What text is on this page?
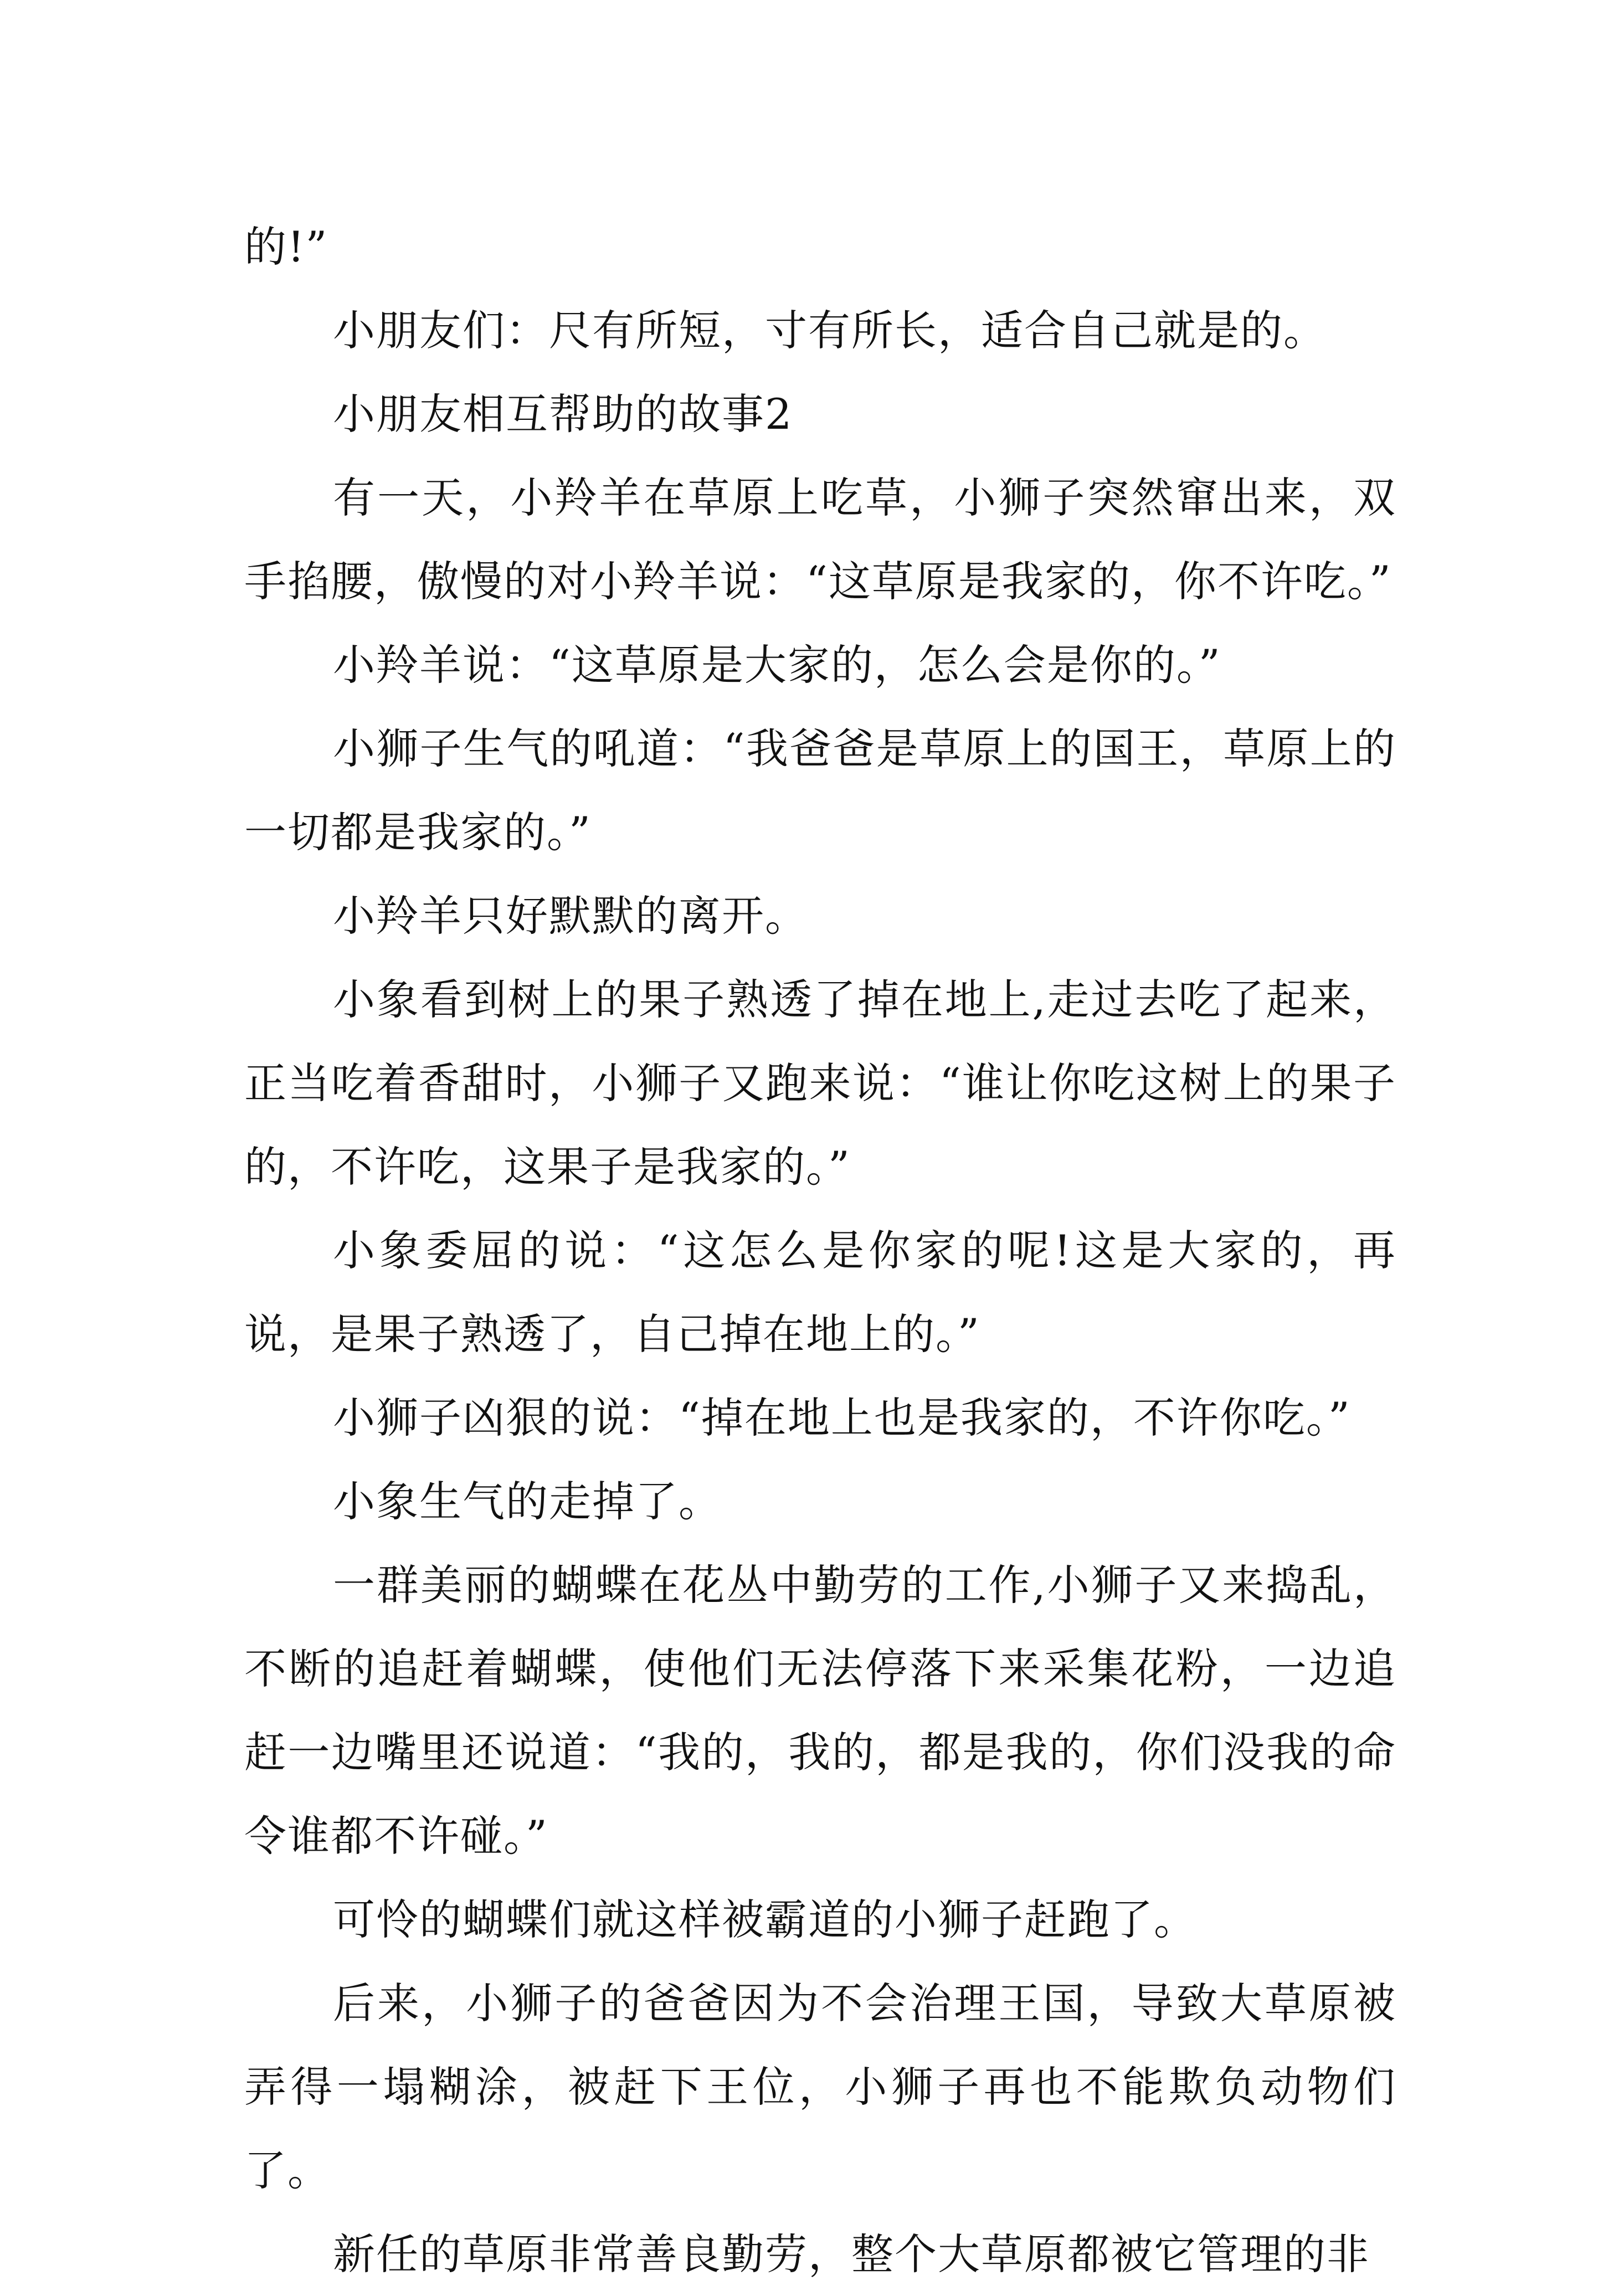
的!”

小朋友们：尺有所短，寸有所长，适合自己就是的。

小朋友相互帮助的故事2

有一天，小羚羊在草原上吃草，小狮子突然窜出来，双手掐腰，傲慢的对小羚羊说：“这草原是我家的，你不许吃。”

小羚羊说：“这草原是大家的，怎么会是你的。”

小狮子生气的吼道：“我爸爸是草原上的国王，草原上的一切都是我家的。”

小羚羊只好默默的离开。

小象看到树上的果子熟透了掉在地上,走过去吃了起来，正当吃着香甜时，小狮子又跑来说：“谁让你吃这树上的果子的，不许吃，这果子是我家的。”

小象委屈的说：“这怎么是你家的呢!这是大家的，再说，是果子熟透了，自己掉在地上的。”

小狮子凶狠的说：“掉在地上也是我家的，不许你吃。”

小象生气的走掉了。

一群美丽的蝴蝶在花丛中勤劳的工作,小狮子又来捣乱，不断的追赶着蝴蝶，使他们无法停落下来采集花粉，一边追赶一边嘴里还说道：“我的，我的，都是我的，你们没我的命令谁都不许碰。”

可怜的蝴蝶们就这样被霸道的小狮子赶跑了。

后来，小狮子的爸爸因为不会治理王国，导致大草原被弄得一塌糊涂，被赶下王位，小狮子再也不能欺负动物们了。

新任的草原非常善良勤劳，整个大草原都被它管理的非
